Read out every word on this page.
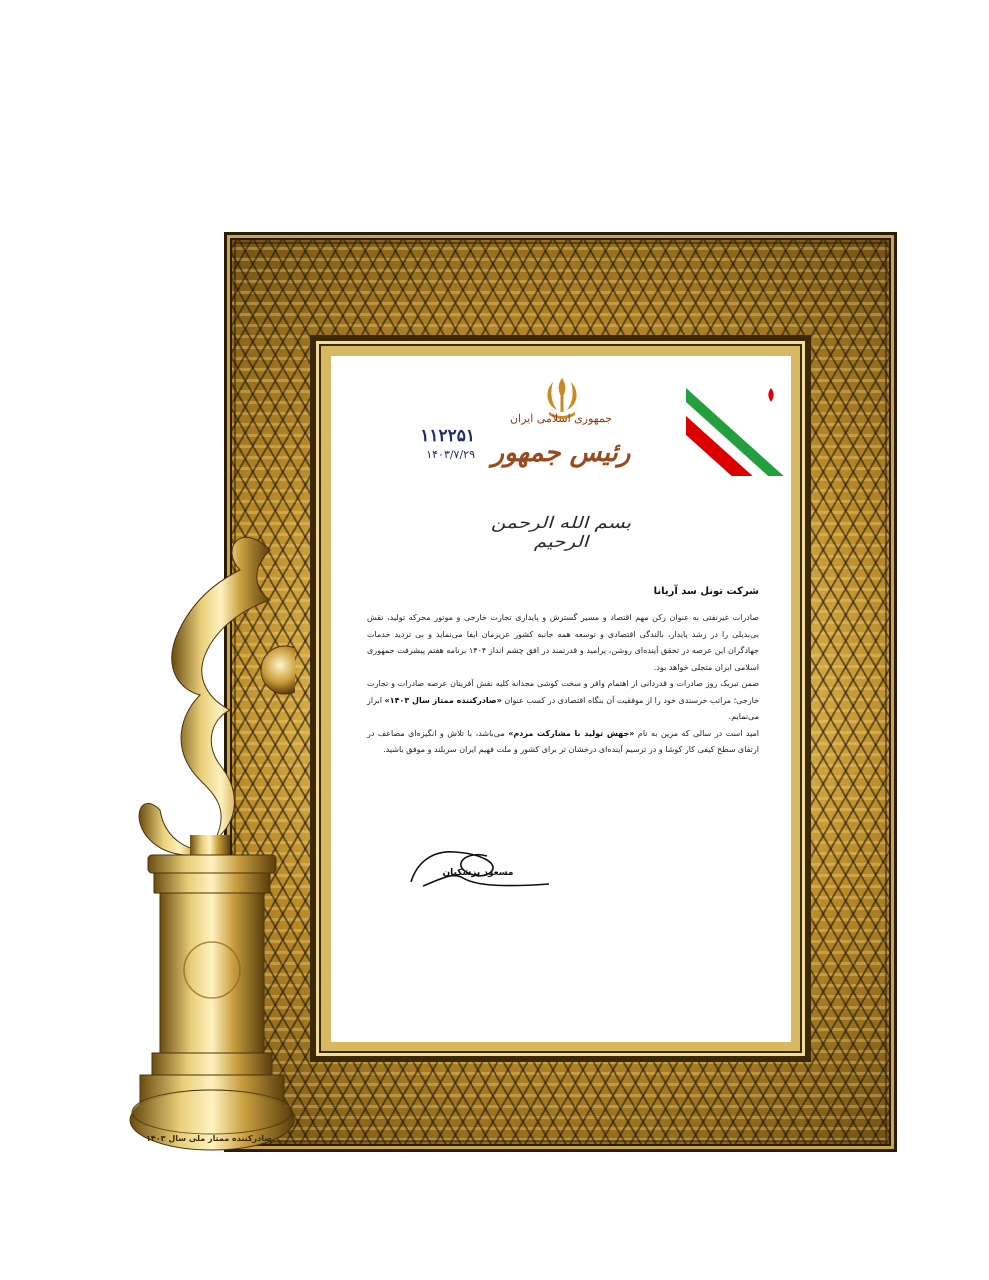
جمهوری اسلامی ایران
رئیس جمهور
۱۱۲۲۵۱
۱۴۰۳/۷/۲۹
بسم الله الرحمن الرحیم
شرکت تونل سد آریانا

صادرات غیرنفتی به عنوان رکن مهم اقتصاد و مسیر گسترش و پایداری تجارت خارجی و موتور محرکه تولید، نقش بی‌بدیلی را در رشد پایدار، بالندگی اقتصادی و توسعه همه جانبه کشور عزیزمان ایفا می‌نماید و بی تردید خدمات جهادگران این عرصه در تحقق آینده‌ای روشن، پرامید و قدرتمند در افق چشم انداز ۱۴۰۴ برنامه هفتم پیشرفت جمهوری اسلامی ایران متجلی خواهد بود.

ضمن تبریک روز صادرات و قدردانی از اهتمام وافر و سخت کوشی مجدانه کلیه نقش آفرینان عرصه صادرات و تجارت خارجی؛ مراتب خرسندی خود را از موفقیت آن بنگاه اقتصادی در کسب عنوان «صادرکننده ممتاز سال ۱۴۰۳» ابراز می‌نمایم.

امید است در سالی که مزین به نام «جهش تولید با مشارکت مردم» می‌باشد، با تلاش و انگیزه‌ای مضاعف در ارتقای سطح کیفی کار کوشا و در ترسیم آینده‌ای درخشان تر برای کشور و ملت فهیم ایران سربلند و موفق باشید.

مسعود پزشکیان
صادرکننده ممتاز ملی سال ۱۴۰۳
